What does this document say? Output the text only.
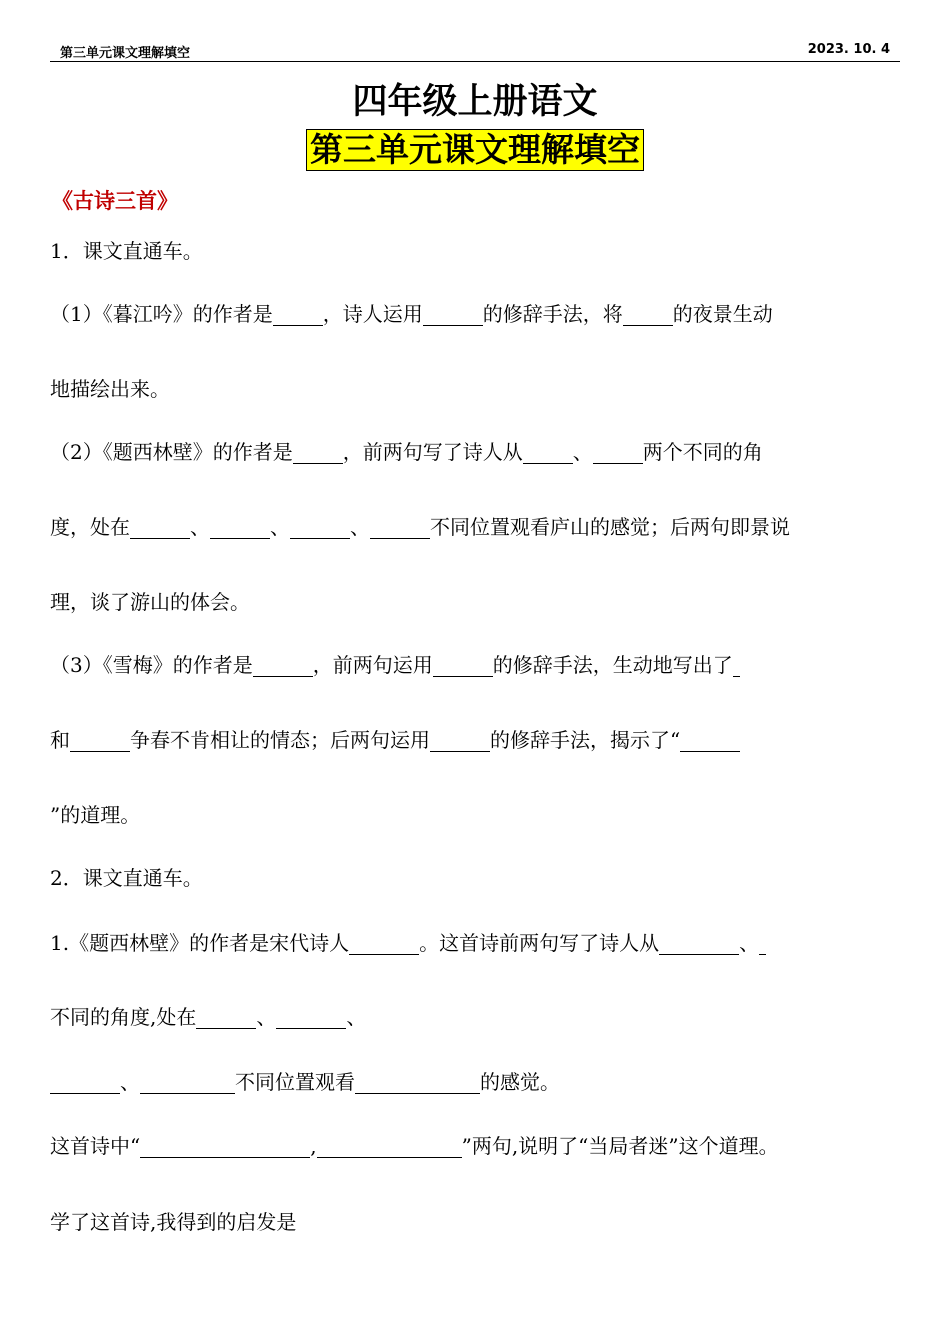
第三单元课文理解填空	2023. 10. 4
四年级上册语文
第三单元课文理解填空
《古诗三首》
1．课文直通车。
（1）《暮江吟》的作者是	，诗人运用	的修辞手法，将	的夜景生动
地描绘出来。
（2）《题西林壁》的作者是	，前两句写了诗人从	、	两个不同的角
度，处在	、	、	、	不同位置观看庐山的感觉；后两句即景说
理，谈了游山的体会。
（3）《雪梅》的作者是	，前两句运用	的修辞手法，生动地写出了
和	争春不肯相让的情态；后两句运用	的修辞手法，揭示了“
”的道理。
2．课文直通车。
1.《题西林壁》的作者是宋代诗人	。这首诗前两句写了诗人从	、
不同的角度,处在	、	、
、	不同位置观看	的感觉。
这首诗中“	,	”两句,说明了“当局者迷”这个道理。
学了这首诗,我得到的启发是
